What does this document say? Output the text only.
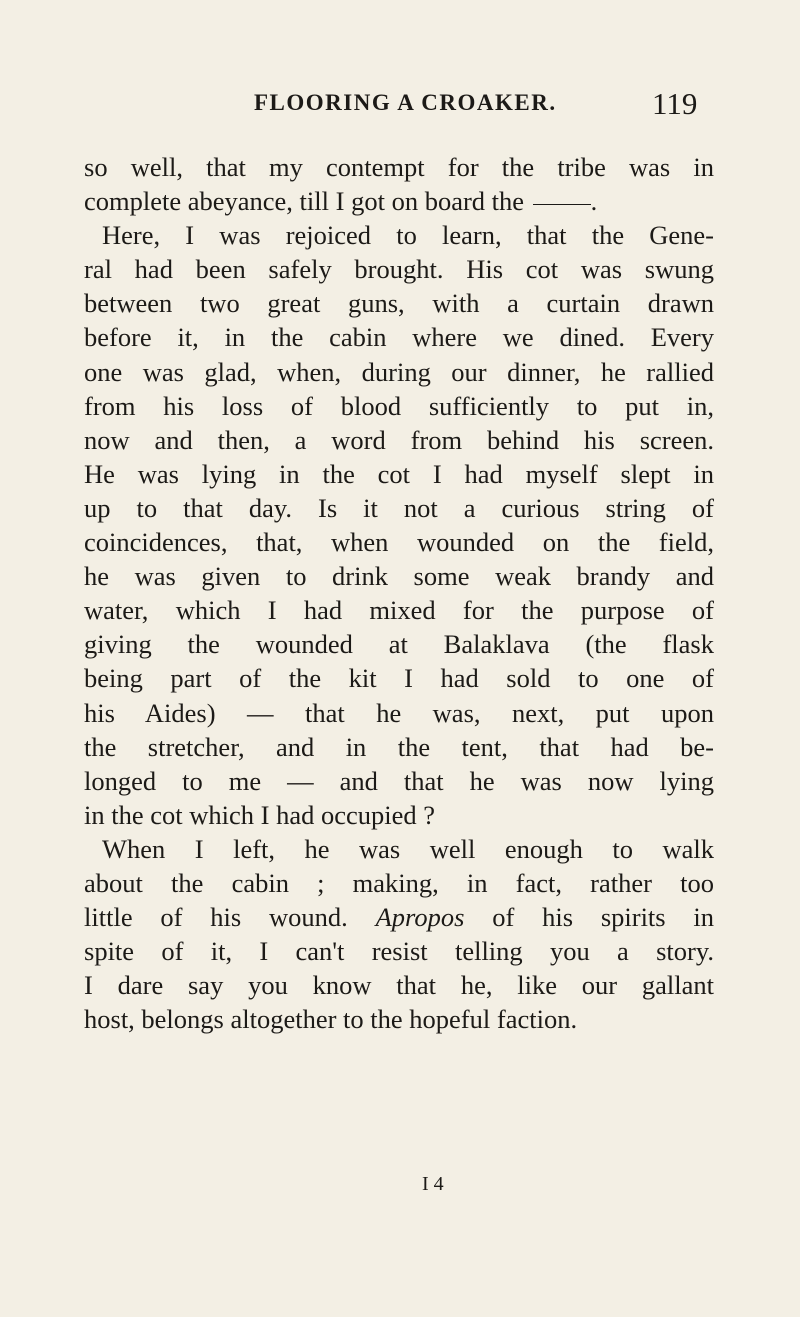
FLOORING A CROAKER.	119
so well, that my contempt for the tribe was in
complete abeyance, till I got on board the	.
Here, I was rejoiced to learn, that the Gene-
ral had been safely brought. His cot was swung
between two great guns, with a curtain drawn
before it, in the cabin where we dined. Every
one was glad, when, during our dinner, he rallied
from his loss of blood sufficiently to put in,
now and then, a word from behind his screen.
He was lying in the cot I had myself slept in
up to that day. Is it not a curious string of
coincidences, that, when wounded on the field,
he was given to drink some weak brandy and
water, which I had mixed for the purpose of
giving the wounded at Balaklava (the flask
being part of the kit I had sold to one of
his Aides) — that he was, next, put upon
the stretcher, and in the tent, that had be-
longed to me — and that he was now lying
in the cot which I had occupied ?
When I left, he was well enough to walk
about the cabin ; making, in fact, rather too
little of his wound. Apropos of his spirits in
spite of it, I can't resist telling you a story.
I dare say you know that he, like our gallant
host, belongs altogether to the hopeful faction.
I 4
